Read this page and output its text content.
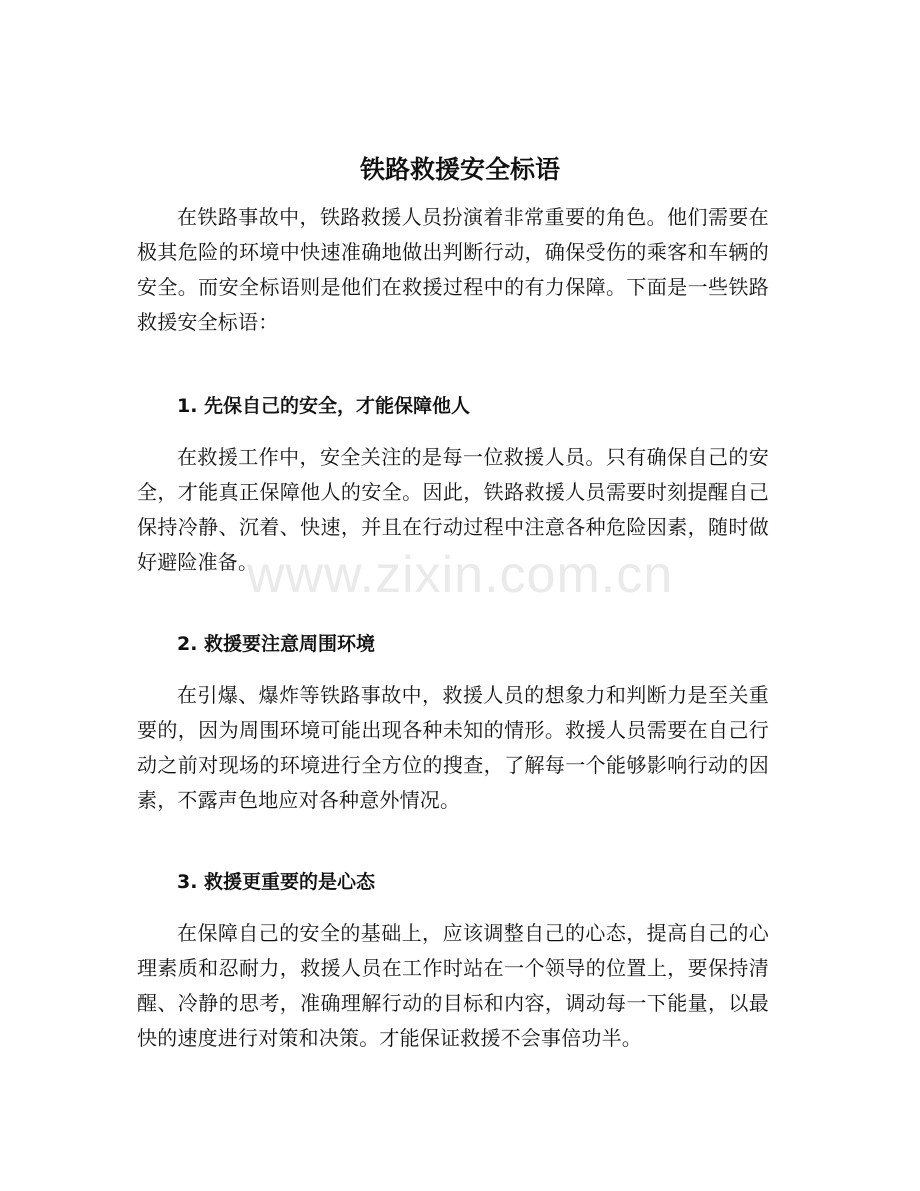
铁路救援安全标语

在铁路事故中，铁路救援人员扮演着非常重要的角色。他们需要在极其危险的环境中快速准确地做出判断行动，确保受伤的乘客和车辆的安全。而安全标语则是他们在救援过程中的有力保障。下面是一些铁路救援安全标语：

1. 先保自己的安全，才能保障他人

在救援工作中，安全关注的是每一位救援人员。只有确保自己的安全，才能真正保障他人的安全。因此，铁路救援人员需要时刻提醒自己保持冷静、沉着、快速，并且在行动过程中注意各种危险因素，随时做好避险准备。

2. 救援要注意周围环境

在引爆、爆炸等铁路事故中，救援人员的想象力和判断力是至关重要的，因为周围环境可能出现各种未知的情形。救援人员需要在自己行动之前对现场的环境进行全方位的搜查，了解每一个能够影响行动的因素，不露声色地应对各种意外情况。

3. 救援更重要的是心态

在保障自己的安全的基础上，应该调整自己的心态，提高自己的心理素质和忍耐力，救援人员在工作时站在一个领导的位置上，要保持清醒、冷静的思考，准确理解行动的目标和内容，调动每一下能量，以最快的速度进行对策和决策。才能保证救援不会事倍功半。

www.zixin.com.cn
